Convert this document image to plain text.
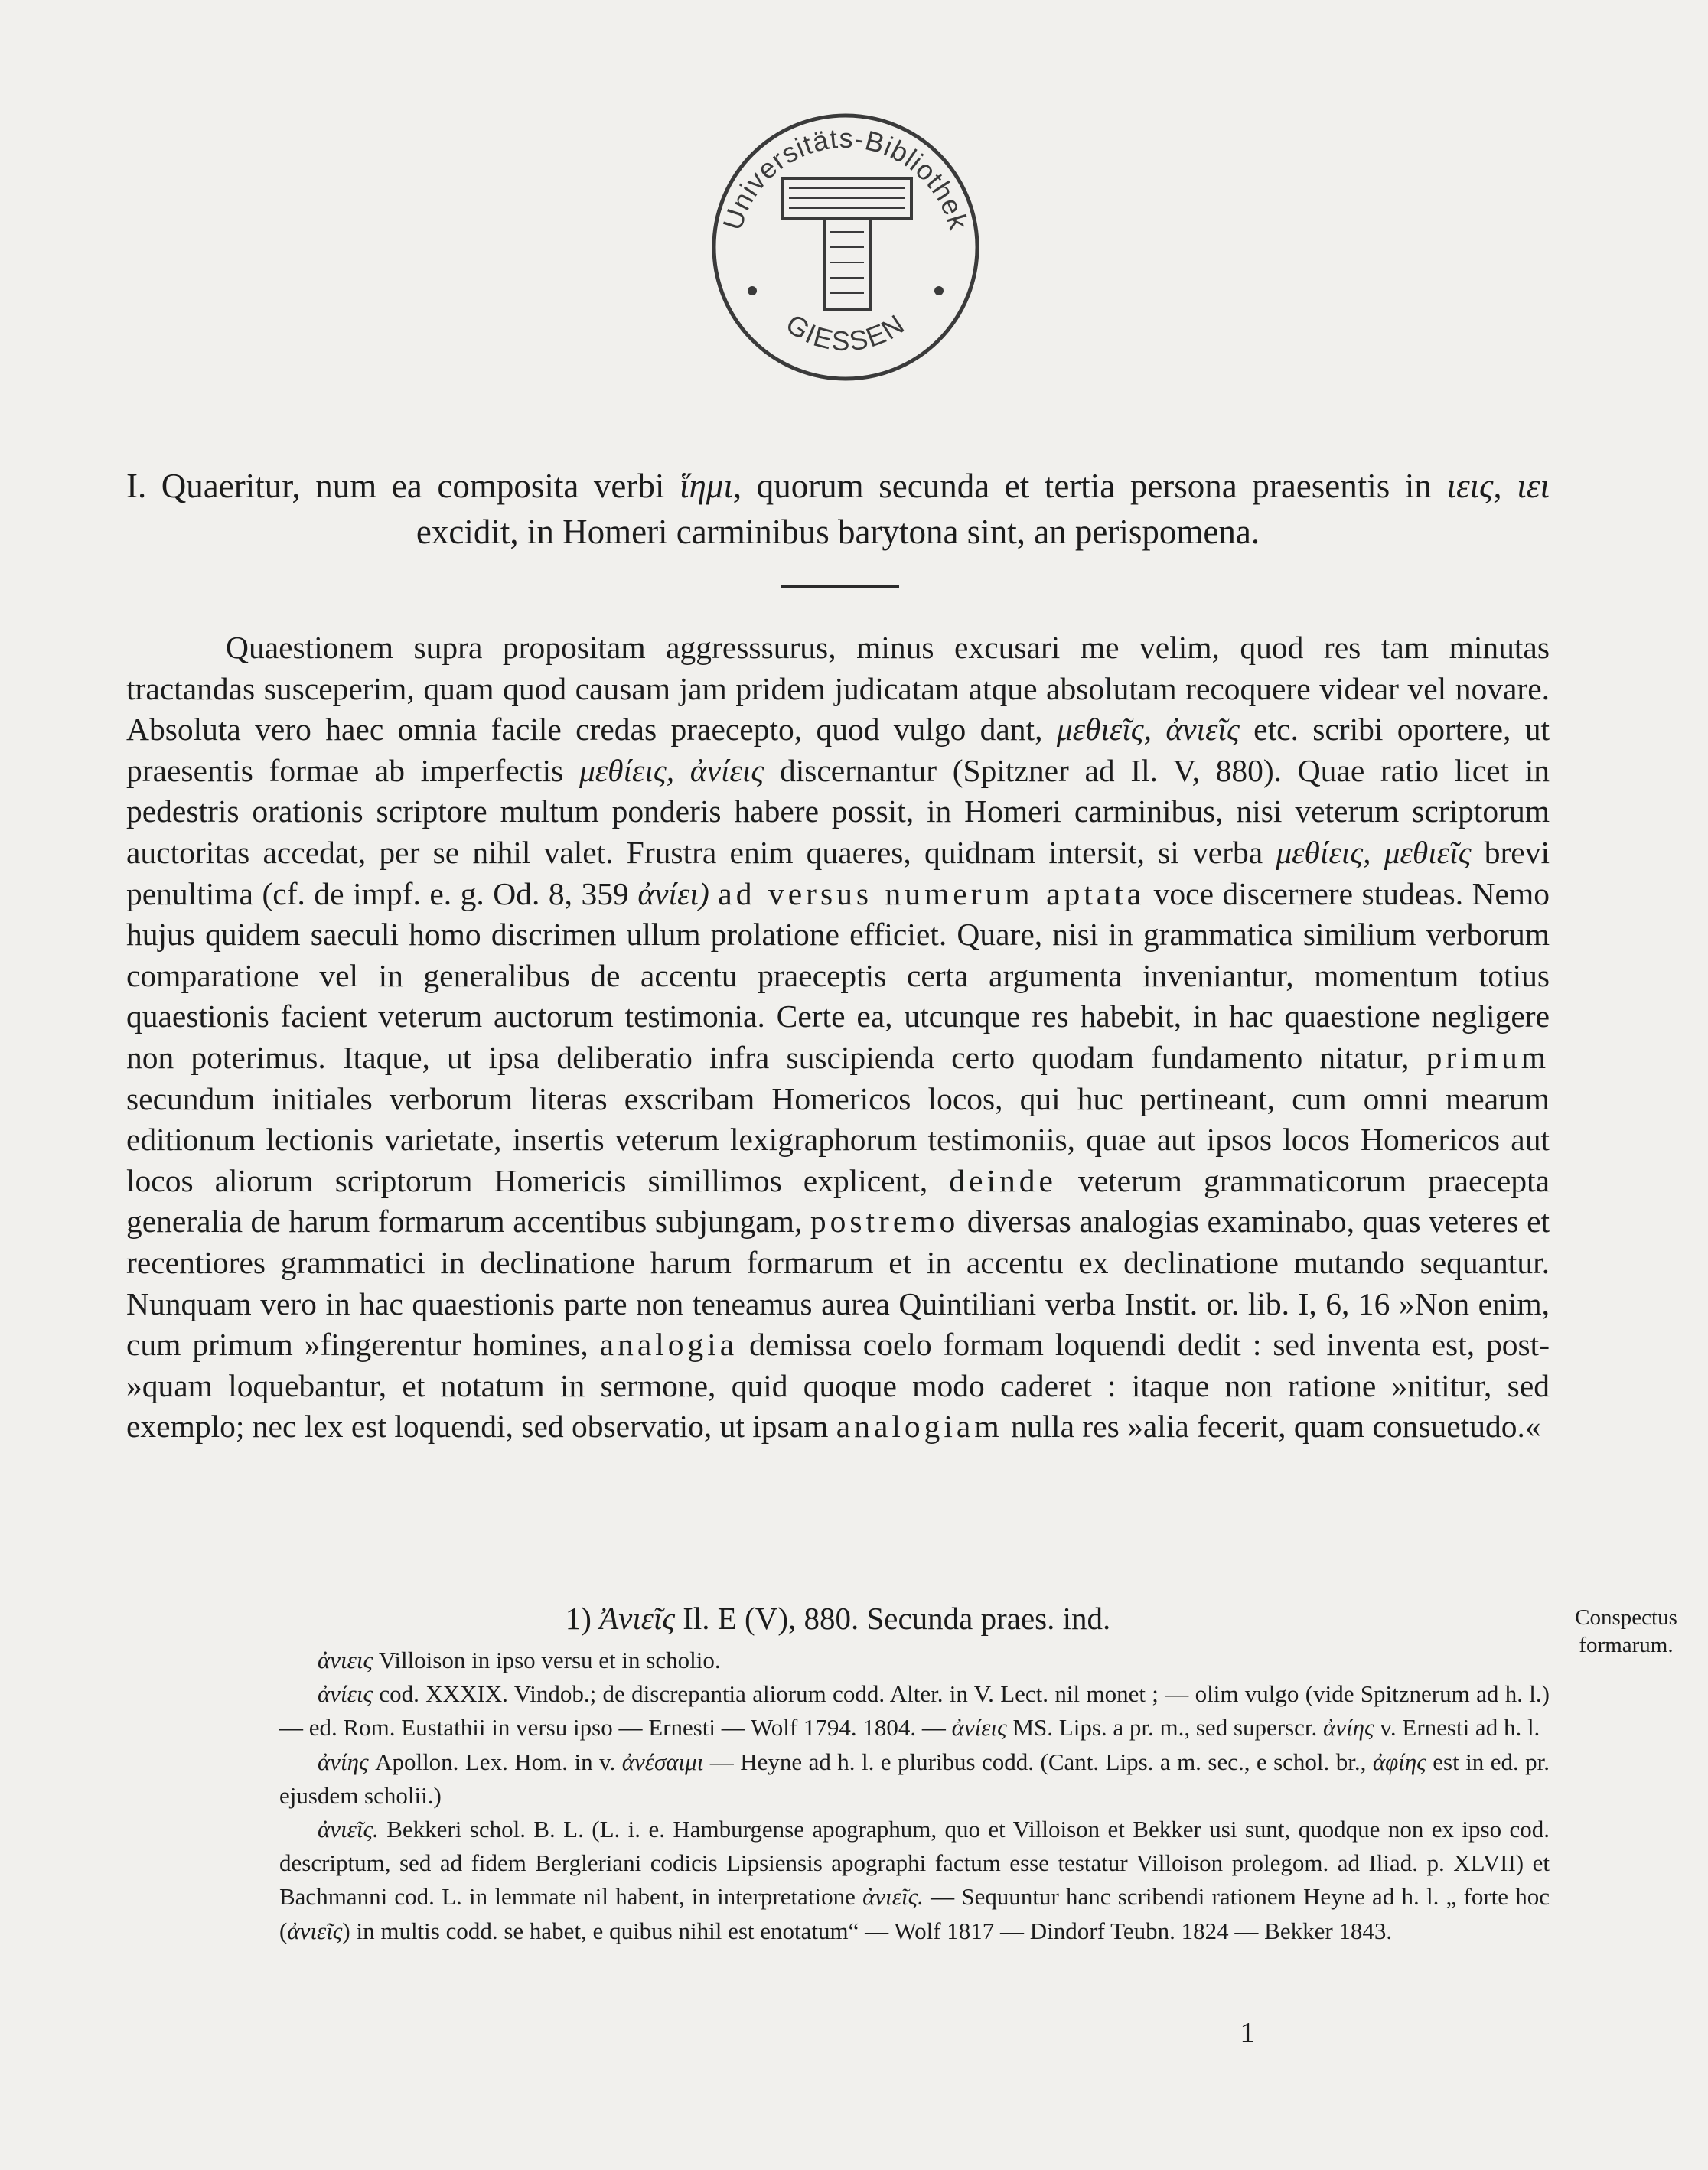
Universitäts-Bibliothek
GIESSEN
I. Quaeritur, num ea composita verbi ἵημι, quorum secunda et tertia persona praesentis in ιεις, ιει excidit, in Homeri carminibus barytona sint, an perispomena.

Quaestionem supra propositam aggresssurus, minus excusari me velim, quod res tam minutas tractandas susceperim, quam quod causam jam pridem judicatam atque absolutam recoquere videar vel novare. Absoluta vero haec omnia facile credas praecepto, quod vulgo dant, μεθιεῖς, ἀνιεῖς etc. scribi oportere, ut praesentis formae ab imperfectis μεθίεις, ἀνίεις discernantur (Spitzner ad Il. V, 880). Quae ratio licet in pedestris orationis scriptore multum ponderis habere possit, in Homeri carminibus, nisi veterum scriptorum auctoritas accedat, per se nihil valet. Frustra enim quaeres, quidnam intersit, si verba μεθίεις, μεθιεῖς brevi penultima (cf. de impf. e. g. Od. 8, 359 ἀνίει) ad versus numerum aptata voce discernere studeas. Nemo hujus quidem saeculi homo discrimen ullum prolatione efficiet. Quare, nisi in grammatica similium verborum comparatione vel in generalibus de accentu praeceptis certa argumenta inveniantur, momentum totius quaestionis facient veterum auctorum testimonia. Certe ea, utcunque res habebit, in hac quaestione negligere non poterimus. Itaque, ut ipsa deliberatio infra suscipienda certo quodam fundamento nitatur, primum secundum initiales verborum literas exscribam Homericos locos, qui huc pertineant, cum omni mearum editionum lectionis varietate, insertis veterum lexigraphorum testimoniis, quae aut ipsos locos Homericos aut locos aliorum scriptorum Homericis simillimos explicent, deinde veterum grammaticorum praecepta generalia de harum formarum accentibus subjungam, postremo diversas analogias examinabo, quas veteres et recentiores grammatici in declinatione harum formarum et in accentu ex declinatione mutando sequantur. Nunquam vero in hac quaestionis parte non teneamus aurea Quintiliani verba Instit. or. lib. I, 6, 16 »Non enim, cum primum »fingerentur homines, analogia demissa coelo formam loquendi dedit : sed inventa est, post- »quam loquebantur, et notatum in sermone, quid quoque modo caderet : itaque non ratione »nititur, sed exemplo; nec lex est loquendi, sed observatio, ut ipsam analogiam nulla res »alia fecerit, quam consuetudo.«

1) Ἀνιεῖς Il. E (V), 880. Secunda praes. ind.	Conspectus formarum.

ἀνιεις Villoison in ipso versu et in scholio.

ἀνίεις cod. XXXIX. Vindob.; de discrepantia aliorum codd. Alter. in V. Lect. nil monet ; — olim vulgo (vide Spitznerum ad h. l.) — ed. Rom. Eustathii in versu ipso — Ernesti — Wolf 1794. 1804. — ἀνίεις MS. Lips. a pr. m., sed superscr. ἀνίης v. Ernesti ad h. l.

ἀνίης Apollon. Lex. Hom. in v. ἀνέσαιμι — Heyne ad h. l. e pluribus codd. (Cant. Lips. a m. sec., e schol. br., ἀφίης est in ed. pr. ejusdem scholii.)

ἀνιεῖς. Bekkeri schol. B. L. (L. i. e. Hamburgense apographum, quo et Villoison et Bekker usi sunt, quodque non ex ipso cod. descriptum, sed ad fidem Bergleriani codicis Lipsiensis apographi factum esse testatur Villoison prolegom. ad Iliad. p. XLVII) et Bachmanni cod. L. in lemmate nil habent, in interpretatione ἀνιεῖς. — Sequuntur hanc scribendi rationem Heyne ad h. l. „ forte hoc (ἀνιεῖς) in multis codd. se habet, e quibus nihil est enotatum“ — Wolf 1817 — Dindorf Teubn. 1824 — Bekker 1843.

1
